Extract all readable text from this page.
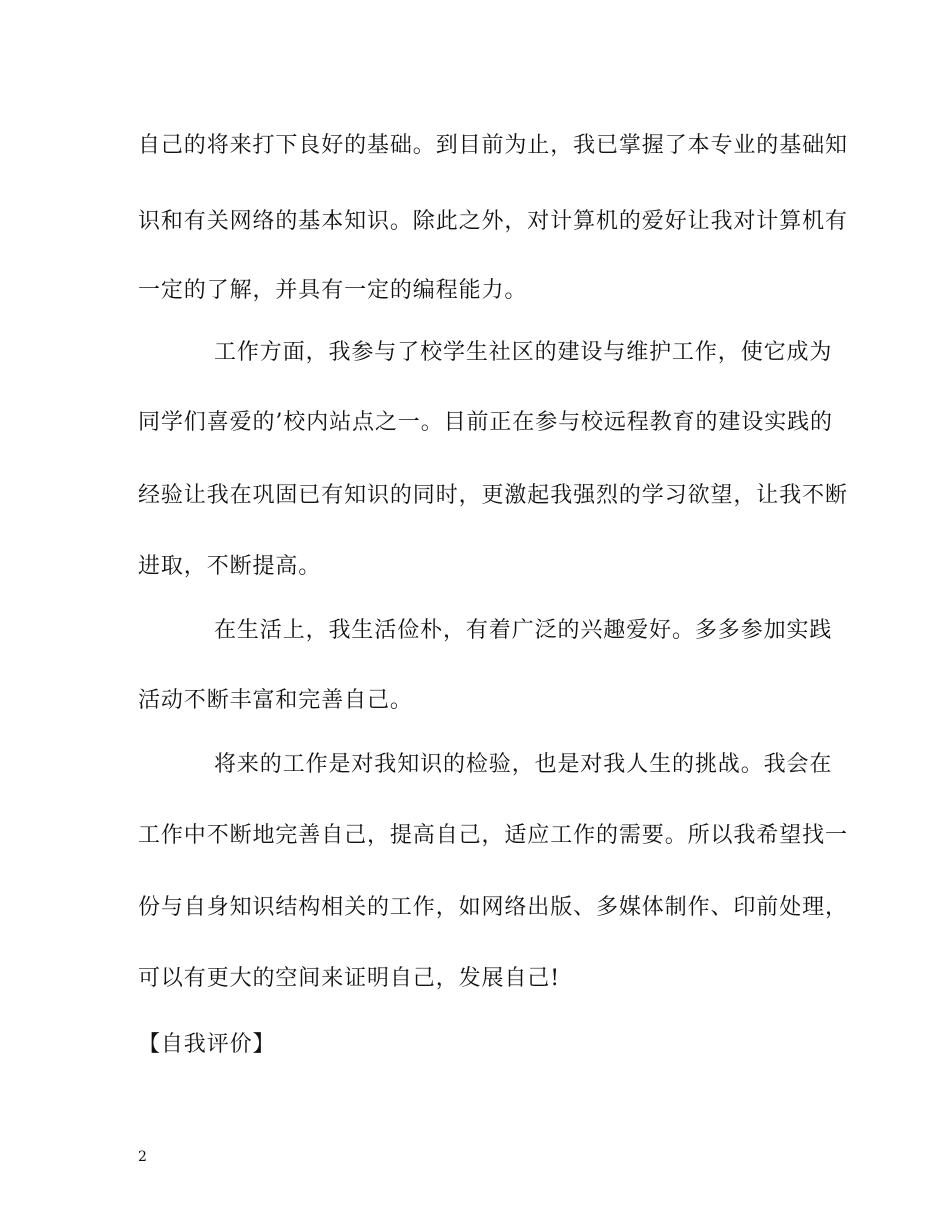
自己的将来打下良好的基础。到目前为止，我已掌握了本专业的基础知
识和有关网络的基本知识。除此之外，对计算机的爱好让我对计算机有
一定的了解，并具有一定的编程能力。
工作方面，我参与了校学生社区的建设与维护工作，使它成为
同学们喜爱的’校内站点之一。目前正在参与校远程教育的建设实践的
经验让我在巩固已有知识的同时，更激起我强烈的学习欲望，让我不断
进取，不断提高。
在生活上，我生活俭朴，有着广泛的兴趣爱好。多多参加实践
活动不断丰富和完善自己。
将来的工作是对我知识的检验，也是对我人生的挑战。我会在
工作中不断地完善自己，提高自己，适应工作的需要。所以我希望找一
份与自身知识结构相关的工作，如网络出版、多媒体制作、印前处理，
可以有更大的空间来证明自己，发展自己!
【自我评价】
2
